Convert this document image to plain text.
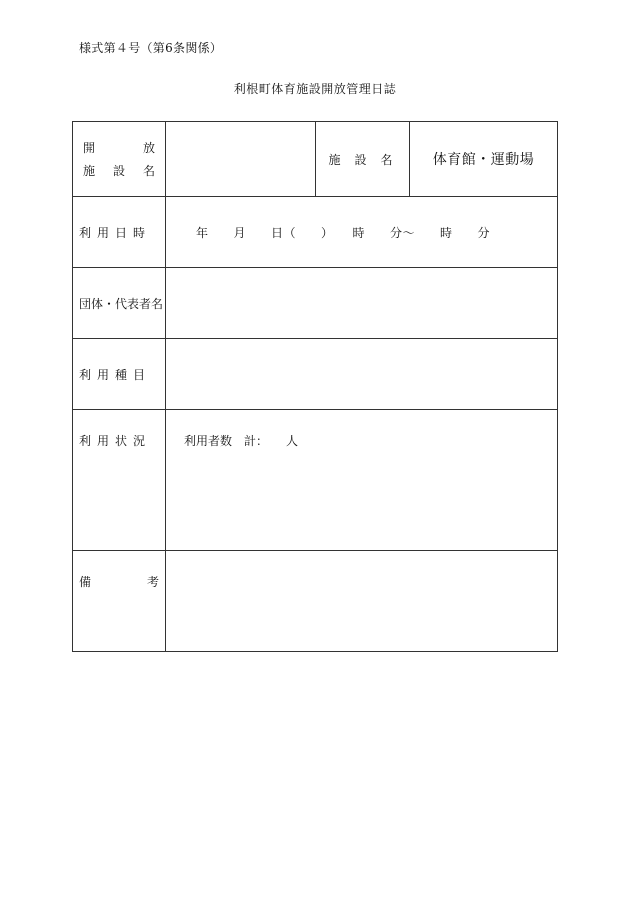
様式第４号（第6条関係）
利根町体育施設開放管理日誌
開 放
施 設 名		施設名	体育館・運動場
利用日時	年　　月　　日（　　）　　時　　分〜　　時　　分		
団体・代表者名			
利用種目			
利用状況	利用者数　計：　　人		

備 考			
